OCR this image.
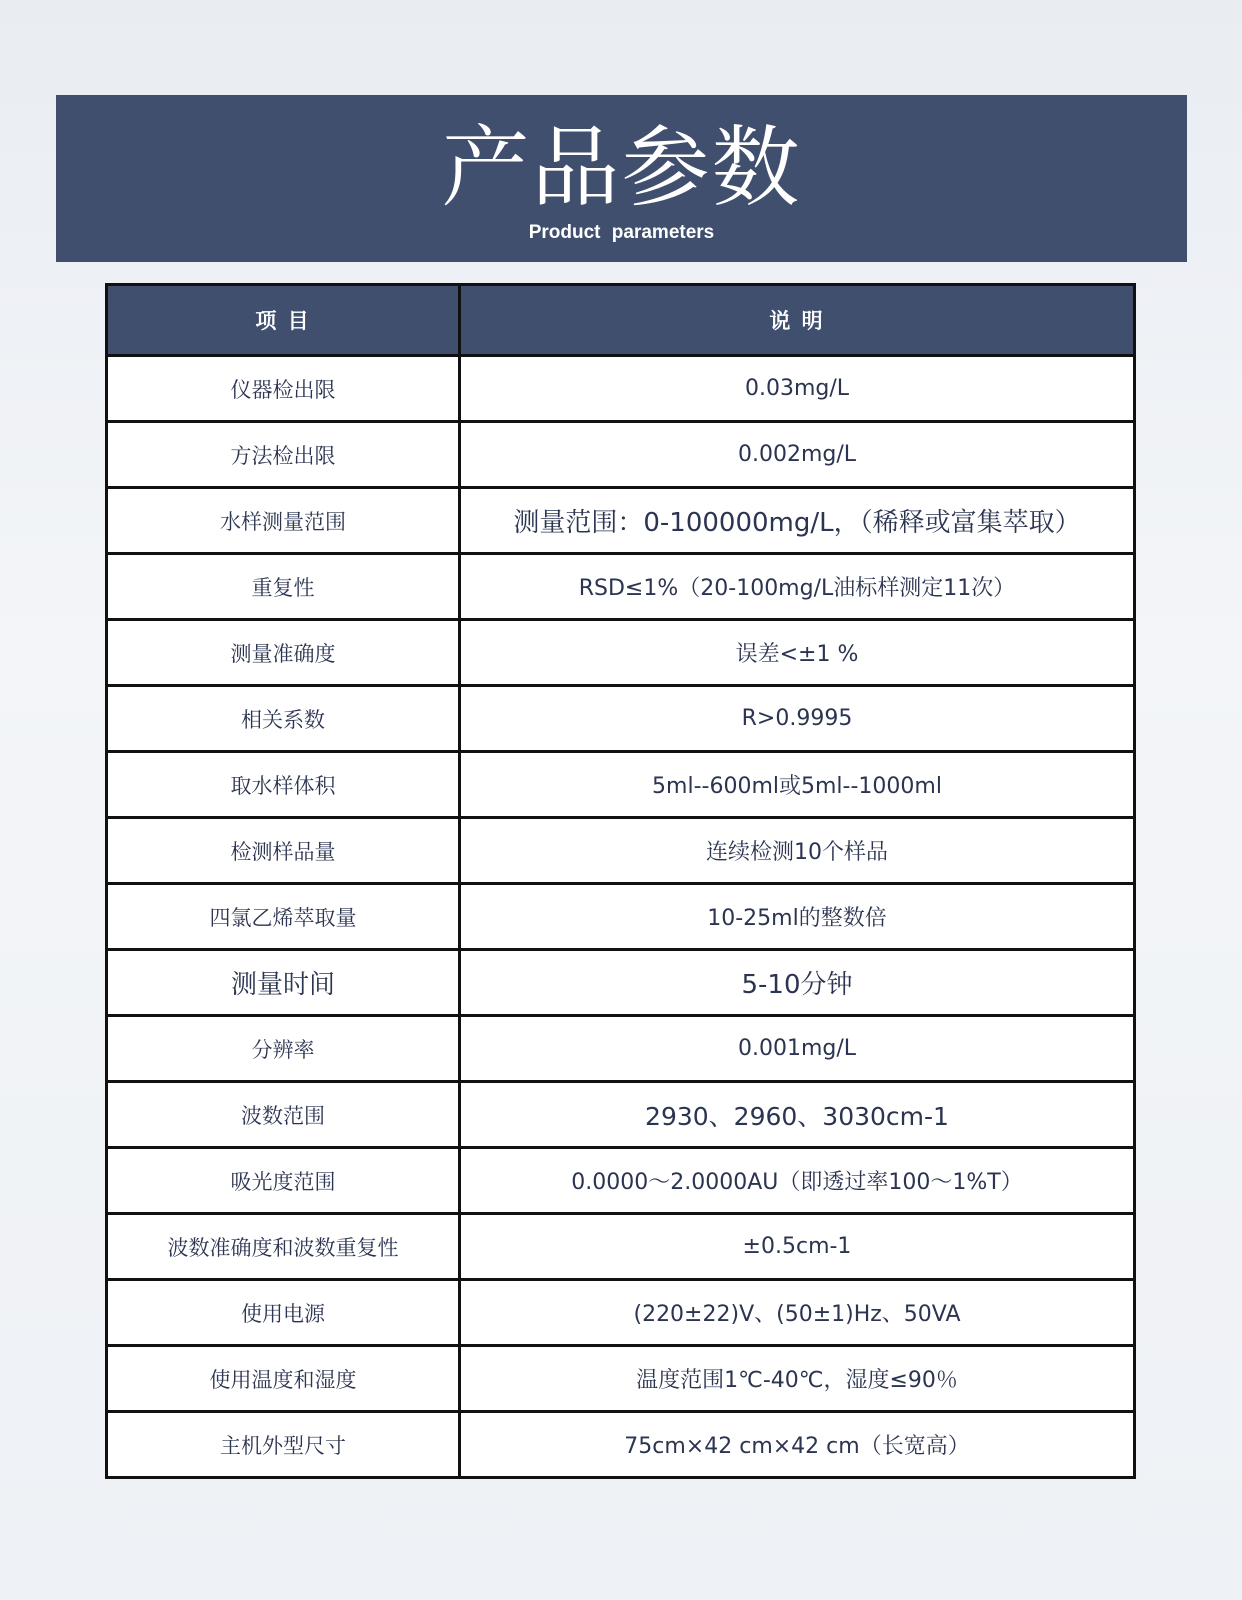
产品参数
Product parameters
项 目	说 明
仪器检出限	0.03mg/L
方法检出限	0.002mg/L
水样测量范围	测量范围：0-100000mg/L，（稀释或富集萃取）
重复性	RSD≤1%（20-100mg/L油标样测定11次）
测量准确度	误差<±1 %
相关系数	R>0.9995
取水样体积	5ml--600ml或5ml--1000ml
检测样品量	连续检测10个样品
四氯乙烯萃取量	10-25ml的整数倍
测量时间	5-10分钟
分辨率	0.001mg/L
波数范围	2930、2960、3030cm-1
吸光度范围	0.0000～2.0000AU（即透过率100～1%T）
波数准确度和波数重复性	±0.5cm-1
使用电源	(220±22)V、(50±1)Hz、50VA
使用温度和湿度	温度范围1℃-40℃，湿度≤90％
主机外型尺寸	75cm×42 cm×42 cm（长宽高）
